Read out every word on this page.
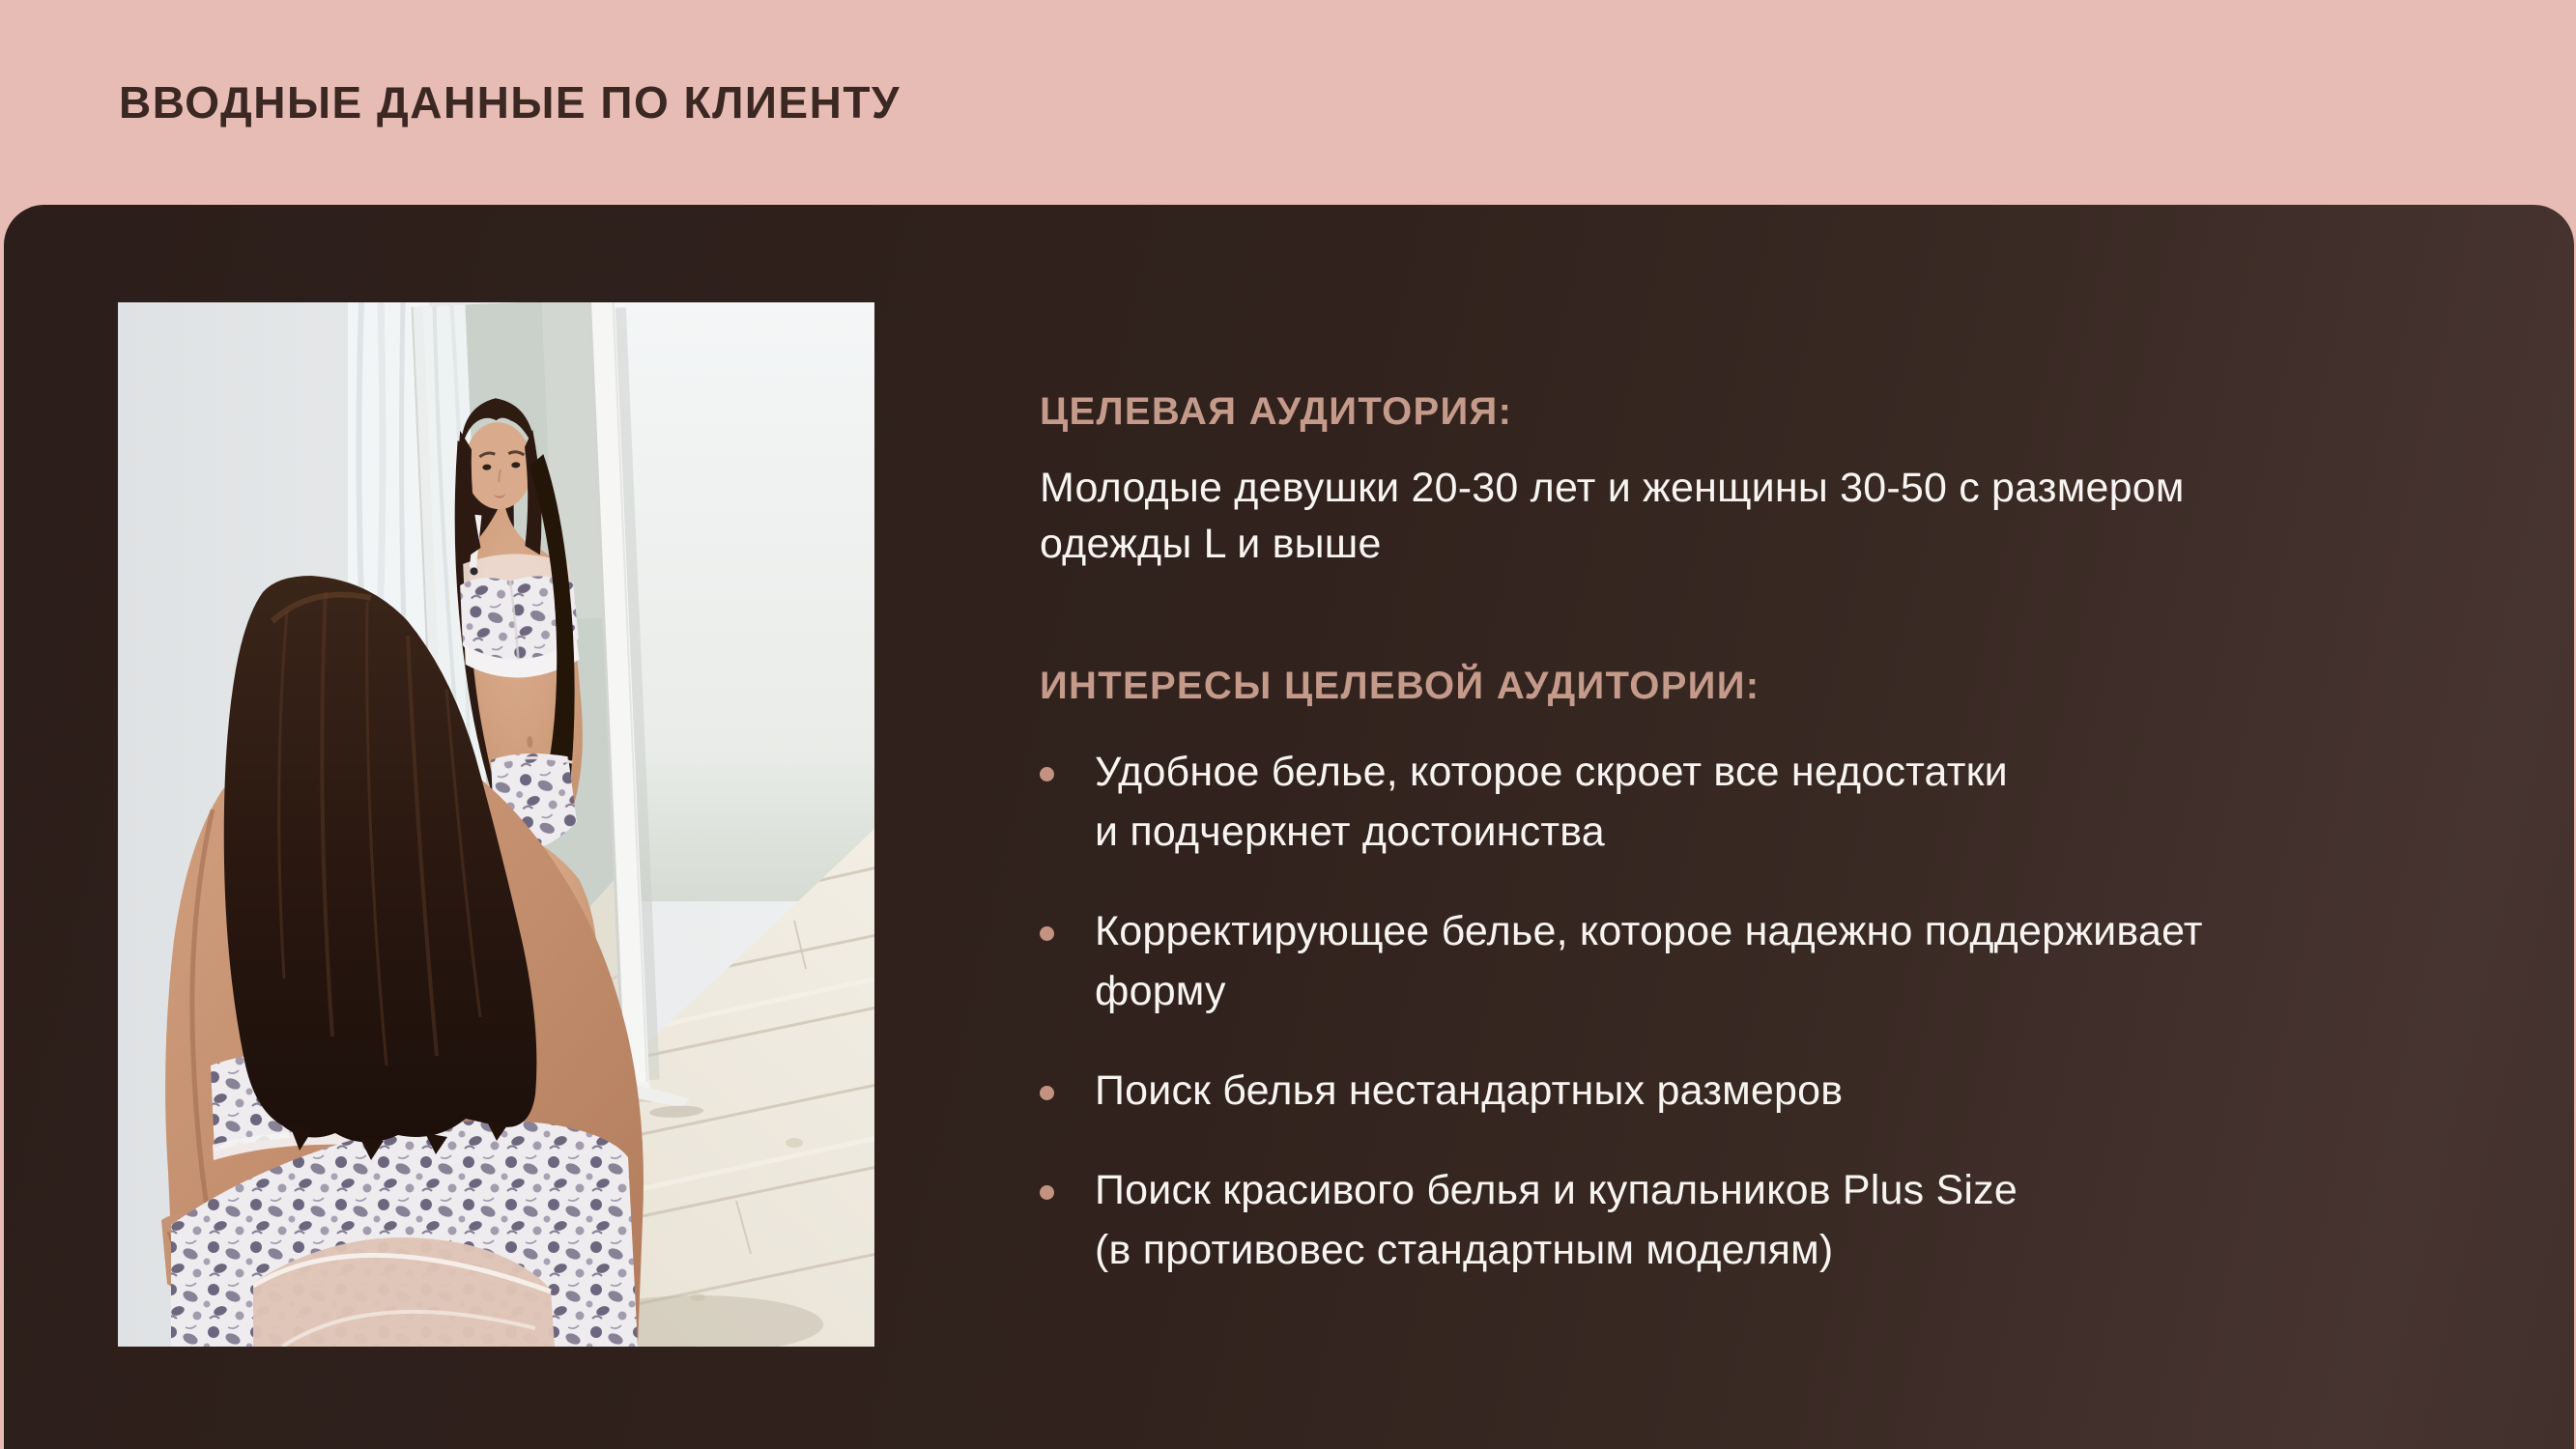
ВВОДНЫЕ ДАННЫЕ ПО КЛИЕНТУ
ЦЕЛЕВАЯ АУДИТОРИЯ:

Молодые девушки 20-30 лет и женщины 30-50 с размером
одежды L и выше

ИНТЕРЕСЫ ЦЕЛЕВОЙ АУДИТОРИИ:
Удобное белье, которое скроет все недостатки
и подчеркнет достоинства
Корректирующее белье, которое надежно поддерживает
форму
Поиск белья нестандартных размеров
Поиск красивого белья и купальников Plus Size
(в противовес стандартным моделям)
